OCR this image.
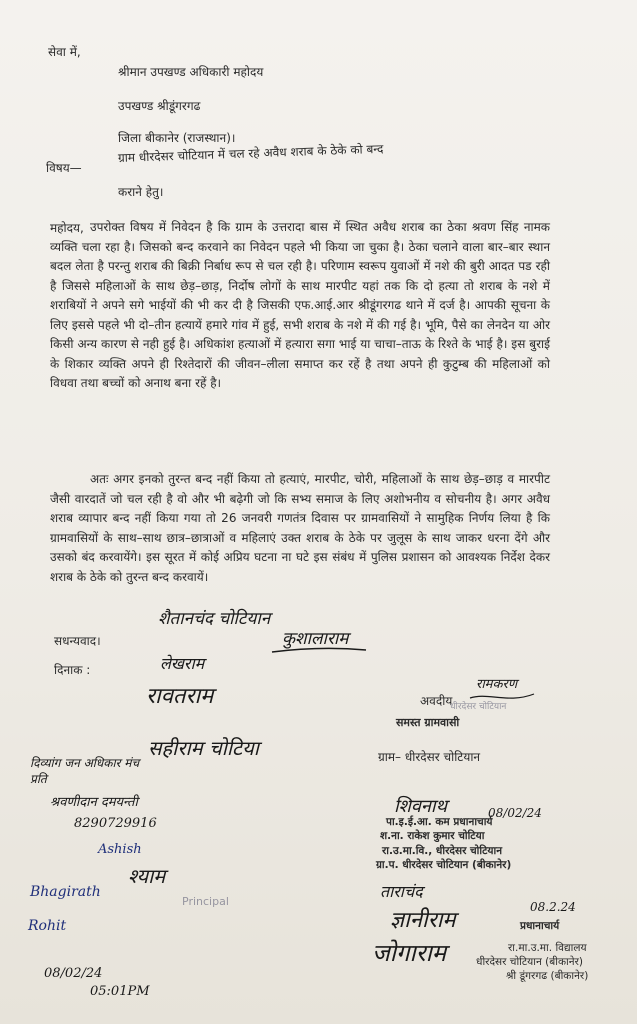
सेवा में,
श्रीमान उपखण्ड अधिकारी महोदय
उपखण्ड श्रीडूंगरगढ
जिला बीकानेर (राजस्थान)।
विषय—
ग्राम धीरदेसर चोटियान में चल रहे अवैध शराब के ठेके को बन्द
कराने हेतु।
महोदय, उपरोक्त विषय में निवेदन है कि ग्राम के उत्तरादा बास में स्थित अवैध शराब का ठेका श्रवण सिंह नामक व्यक्ति चला रहा है। जिसको बन्द करवाने का निवेदन पहले भी किया जा चुका है। ठेका चलाने वाला बार–बार स्थान बदल लेता है परन्तु शराब की बिक्री निर्बाध रूप से चल रही है। परिणाम स्वरूप युवाओं में नशे की बुरी आदत पड रही है जिससे महिलाओं के साथ छेड़–छाड़, निर्दोष लोगों के साथ मारपीट यहां तक कि दो हत्या तो शराब के नशे में शराबियों ने अपने सगे भाईयों की भी कर दी है जिसकी एफ.आई.आर श्रीडूंगरगढ थाने में दर्ज है। आपकी सूचना के लिए इससे पहले भी दो–तीन हत्यायें हमारे गांव में हुई, सभी शराब के नशे में की गई है। भूमि, पैसे का लेनदेन या ओर किसी अन्य कारण से नही हुई है। अधिकांश हत्याओं में हत्यारा सगा भाई या चाचा–ताऊ के रिश्ते के भाई है। इस बुराई के शिकार व्यक्ति अपने ही रिश्तेदारों की जीवन–लीला समाप्त कर रहें है तथा अपने ही कुटुम्ब की महिलाओं को विधवा तथा बच्चों को अनाथ बना रहें है।
अतः अगर इनको तुरन्त बन्द नहीं किया तो हत्याएं, मारपीट, चोरी, महिलाओं के साथ छेड़–छाड़ व मारपीट जैसी वारदातें जो चल रही है वो और भी बढ़ेगी जो कि सभ्य समाज के लिए अशोभनीय व सोचनीय है। अगर अवैध शराब व्यापार बन्द नहीं किया गया तो 26 जनवरी गणतंत्र दिवास पर ग्रामवासियों ने सामुहिक निर्णय लिया है कि ग्रामवासियों के साथ–साथ छात्र–छात्राओं व महिलाएं उक्त शराब के ठेके पर जुलूस के साथ जाकर धरना देंगे और उसको बंद करवायेंगे। इस सूरत में कोई अप्रिय घटना ना घटे इस संबंध में पुलिस प्रशासन को आवश्यक निर्देश देकर शराब के ठेके को तुरन्त बन्द करवायें।
सधन्यवाद।
दिनाक :
अवदीय
समस्त ग्रामवासी
ग्राम– धीरदेसर चोटियान
शैतानचंद चोटियान
कुशालाराम
लेखराम
रावतराम
सहीराम चोटिया
रामकरण
धीरदेसर चोटियान
दिव्यांग जन अधिकार मंच
प्रति
श्रवणीदान दमयन्ती
8290729916
Ashish
श्याम
Principal
Bhagirath
Rohit
08/02/24
05:01PM
शिवनाथ	08/02/24
पा.इ.ई.आ. कम प्रधानाचार्य
श.ना. राकेश कुमार चोटिया
रा.उ.मा.वि., धीरदेसर चोटियान
ग्रा.प. धीरदेसर चोटियान (बीकानेर)
ताराचंद
ज्ञानीराम
जोगाराम
08.2.24
प्रधानाचार्य
रा.मा.उ.मा. विद्यालय
धीरदेसर चोटियान (बीकानेर)
श्री डूंगरगढ (बीकानेर)
